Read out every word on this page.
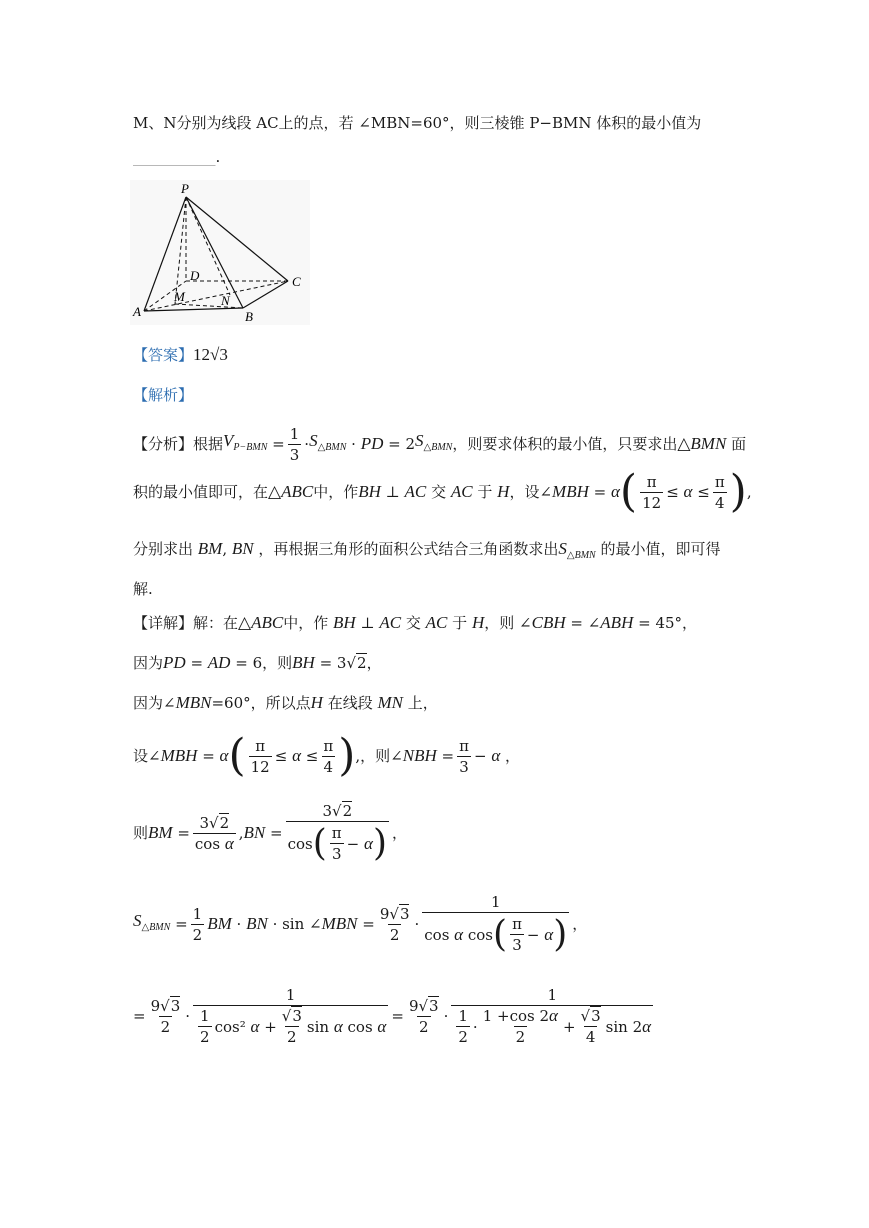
M、N分别为线段 AC上的点，若 ∠MBN=60°，则三棱锥 P−BMN 体积的最小值为
___________.
P
D	C
M	N
A	B
【答案】12√3
【解析】
【分析】 根据 $V_{P-BMN} = \frac{1}{3} \cdot S_{\triangle BMN}$ · PD = 2 $S_{\triangle BMN}$ ，则要求体积的最小值，只要求出 △BMN
面
积的最小值即可，在 △ABC 中，作 BH ⊥ AC
交
AC
于
H ，设 ∠ MBH = α ( $\frac{\pi}{12} \le \alpha \le \frac{\pi}{4}$ ) ,
分别求出 BM, BN ，再根据三角形的面积公式结合三角函数求出$S_{\triangle BMN}$ 的最小值，即可得
解.
【详解】解：在△ABC中，作 BH ⊥ AC 交 AC 于 H，则 ∠CBH = ∠ABH = 45°，
因为PD = AD = 6，则BH = 3√2，
因为∠MBN=60°，所以点H 在线段 MN 上，
设 ∠ MBH = α ( $\frac{\pi}{12} \le \alpha \le \frac{\pi}{4}$ ) , ，则 ∠ NBH = $\frac{\pi}{3} - \alpha$ ，
则 BM = $\frac{3√2}{\text{cos α}}$ , BN = $\frac{3√2}{\cos ( \frac{\pi}{3} - \alpha )}$ ，
$S_{\triangle BMN} = \frac{1}{2}$ BM · BN · sin ∠ MBN = $\frac{9√3}{2} \cdot \frac{1}{\cos \alpha \cos ( \frac{\pi}{3} - \alpha )}$ ，
= $\frac{9√3}{2} \cdot \frac{1}{\frac{1}{2} \cos^2 \alpha + \frac{√3}{2} \sin \alpha \cos \alpha} = \frac{9√3}{2} \cdot \frac{1}{\frac{1}{2} \cdot \frac{1 +\cos 2\alpha}{2} + \frac{√3}{4} \sin 2 \alpha}$
